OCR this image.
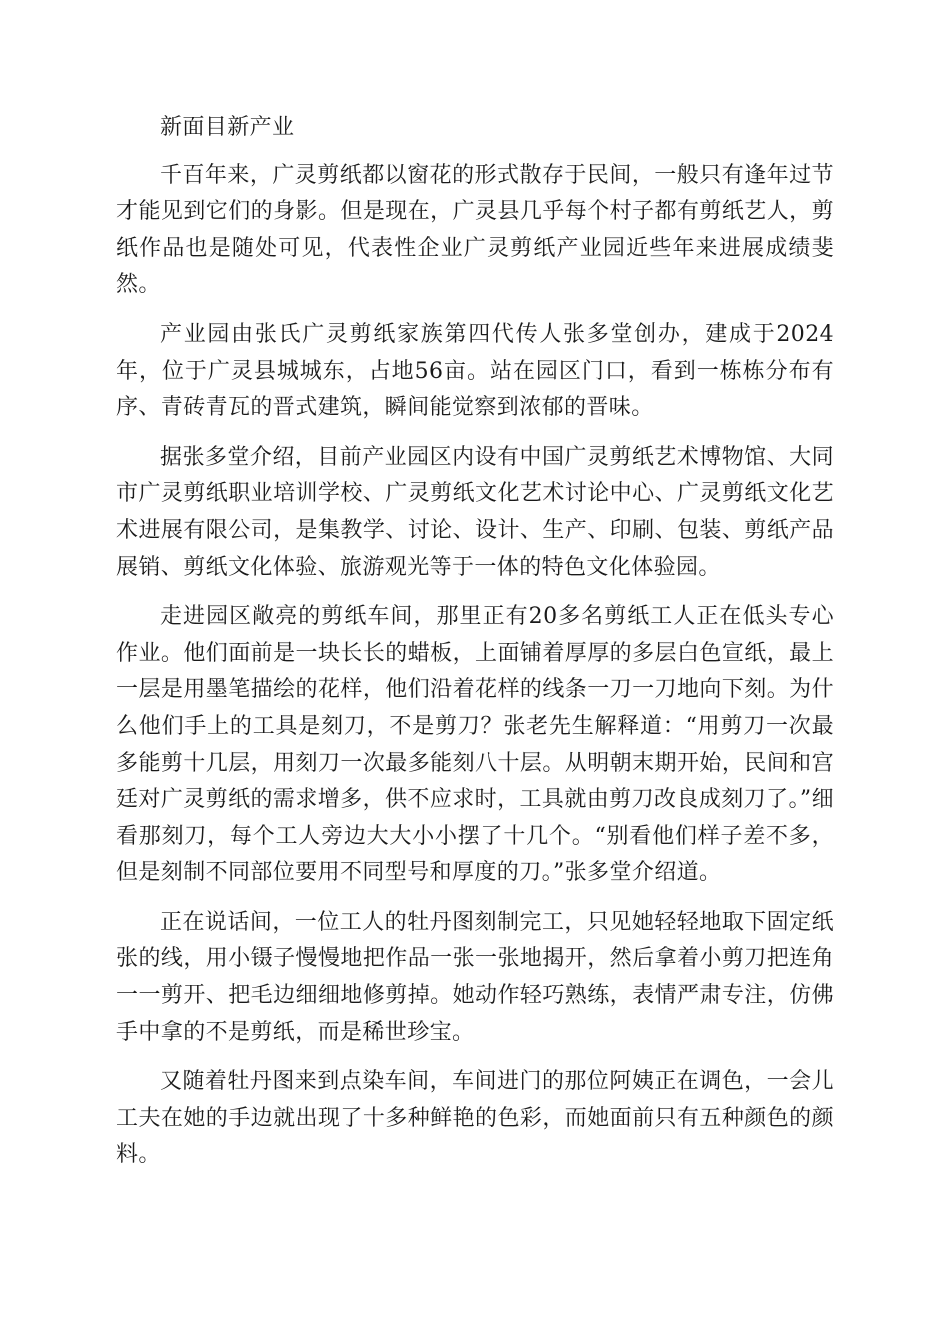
新面目新产业

千百年来，广灵剪纸都以窗花的形式散存于民间，一般只有逢年过节才能见到它们的身影。但是现在，广灵县几乎每个村子都有剪纸艺人，剪纸作品也是随处可见，代表性企业广灵剪纸产业园近些年来进展成绩斐然。

产业园由张氏广灵剪纸家族第四代传人张多堂创办，建成于2024年，位于广灵县城城东，占地56亩。站在园区门口，看到一栋栋分布有序、青砖青瓦的晋式建筑，瞬间能觉察到浓郁的晋味。

据张多堂介绍，目前产业园区内设有中国广灵剪纸艺术博物馆、大同市广灵剪纸职业培训学校、广灵剪纸文化艺术讨论中心、广灵剪纸文化艺术进展有限公司，是集教学、讨论、设计、生产、印刷、包装、剪纸产品展销、剪纸文化体验、旅游观光等于一体的特色文化体验园。

走进园区敞亮的剪纸车间，那里正有20多名剪纸工人正在低头专心作业。他们面前是一块长长的蜡板，上面铺着厚厚的多层白色宣纸，最上一层是用墨笔描绘的花样，他们沿着花样的线条一刀一刀地向下刻。为什么他们手上的工具是刻刀，不是剪刀？张老先生解释道：“用剪刀一次最多能剪十几层，用刻刀一次最多能刻八十层。从明朝末期开始，民间和宫廷对广灵剪纸的需求增多，供不应求时，工具就由剪刀改良成刻刀了。”细看那刻刀，每个工人旁边大大小小摆了十几个。“别看他们样子差不多，但是刻制不同部位要用不同型号和厚度的刀。”张多堂介绍道。

正在说话间，一位工人的牡丹图刻制完工，只见她轻轻地取下固定纸张的线，用小镊子慢慢地把作品一张一张地揭开，然后拿着小剪刀把连角一一剪开、把毛边细细地修剪掉。她动作轻巧熟练，表情严肃专注，仿佛手中拿的不是剪纸，而是稀世珍宝。

又随着牡丹图来到点染车间，车间进门的那位阿姨正在调色，一会儿工夫在她的手边就出现了十多种鲜艳的色彩，而她面前只有五种颜色的颜料。
